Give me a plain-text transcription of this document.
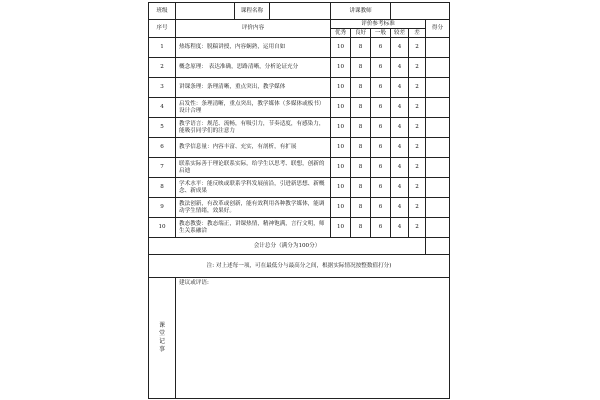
班级	课程名称	讲课教师					
序号	评价内容	评价参考标准					得分
		优秀	良好	一般	较差	差	
1	热练程度：脱稿讲授，内容娴熟，运用自如	10	8	6	4	2	
2	概念原理： 表达准确，思路清晰，分析论证充分	10	8	6	4	2	
3	讲课条理：条理清晰，重点突出，教学媒体	10	8	6	4	2	
4	启发性：条理清晰，重点突出，教学媒体（多媒体或板书）设计合理	10	8	6	4	2	
5	教学语言：规范、流畅，有吸引力，节奏适度，有感染力，能吸引同学们的注意力	10	8	6	4	2	
6	教学信息量：内容丰富、充实，有剖析，有扩展	10	8	6	4	2	
7	联系实际善于理论联系实际，给学生以思考、联想，创新的启迪	10	8	6	4	2	
8	学术水平：能反映或联系学科发展前沿，引进新思想、新概念、新成果	10	8	6	4	2	
9	教法创新，有改革或创新，能有效利用各种教学媒体，能调动学生情绪，效果好。	10	8	6	4	2	
10	教态教姿：教态端正，讲课热情，精神饱满，言行文明，师生关系融洽	10	8	6	4	2	
会计总分（满分为100分）							
注: 对上述每一项，可在最低分与最高分之间，根据实际情况按整数值打分)							
课
堂
记
事	建议或评语:						
